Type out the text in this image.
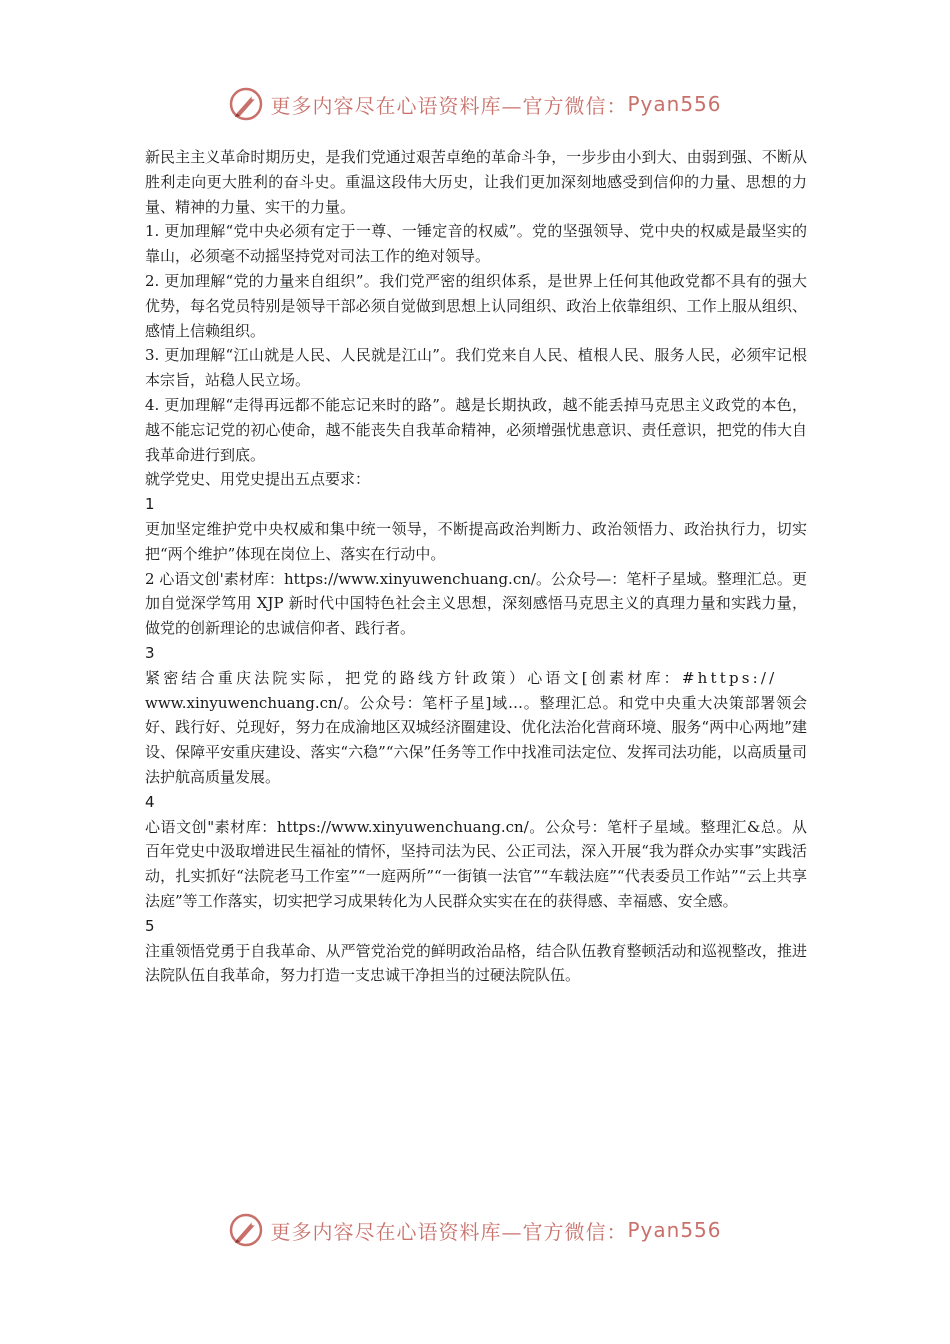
更多内容尽在心语资料库—官方微信： Pyan556

新民主主义革命时期历史，是我们党通过艰苦卓绝的革命斗争，一步步由小到大、由弱到强、不断从胜利走向更大胜利的奋斗史。重温这段伟大历史，让我们更加深刻地感受到信仰的力量、思想的力量、精神的力量、实干的力量。

1. 更加理解“党中央必须有定于一尊、一锤定音的权威”。党的坚强领导、党中央的权威是最坚实的靠山，必须毫不动摇坚持党对司法工作的绝对领导。

2. 更加理解“党的力量来自组织”。我们党严密的组织体系，是世界上任何其他政党都不具有的强大优势，每名党员特别是领导干部必须自觉做到思想上认同组织、政治上依靠组织、工作上服从组织、感情上信赖组织。

3. 更加理解“江山就是人民、人民就是江山”。我们党来自人民、植根人民、服务人民，必须牢记根本宗旨，站稳人民立场。

4. 更加理解“走得再远都不能忘记来时的路”。越是长期执政，越不能丢掉马克思主义政党的本色，越不能忘记党的初心使命，越不能丧失自我革命精神，必须增强忧患意识、责任意识，把党的伟大自我革命进行到底。

就学党史、用党史提出五点要求：

1

更加坚定维护党中央权威和集中统一领导，不断提高政治判断力、政治领悟力、政治执行力，切实把“两个维护”体现在岗位上、落实在行动中。

2 心语文创'素材库：https://www.xinyuwenchuang.cn/。公众号—：笔杆子星域。整理汇总。更加自觉深学笃用 XJP 新时代中国特色社会主义思想，深刻感悟马克思主义的真理力量和实践力量，做党的创新理论的忠诚信仰者、践行者。

3

紧密结合重庆法院实际，把党的路线方针政策）心语文[创素材库：#https://

www.xinyuwenchuang.cn/。公众号：笔杆子星]域…。整理汇总。和党中央重大决策部署领会好、践行好、兑现好，努力在成渝地区双城经济圈建设、优化法治化营商环境、服务“两中心两地”建设、保障平安重庆建设、落实“六稳”“六保”任务等工作中找准司法定位、发挥司法功能，以高质量司法护航高质量发展。

4

心语文创"素材库：https://www.xinyuwenchuang.cn/。公众号：笔杆子星域。整理汇&总。从百年党史中汲取增进民生福祉的情怀，坚持司法为民、公正司法，深入开展“我为群众办实事”实践活动，扎实抓好“法院老马工作室”“一庭两所”“一街镇一法官”“车载法庭”“代表委员工作站”“云上共享法庭”等工作落实，切实把学习成果转化为人民群众实实在在的获得感、幸福感、安全感。

5

注重领悟党勇于自我革命、从严管党治党的鲜明政治品格，结合队伍教育整顿活动和巡视整改，推进法院队伍自我革命，努力打造一支忠诚干净担当的过硬法院队伍。

更多内容尽在心语资料库—官方微信： Pyan556
